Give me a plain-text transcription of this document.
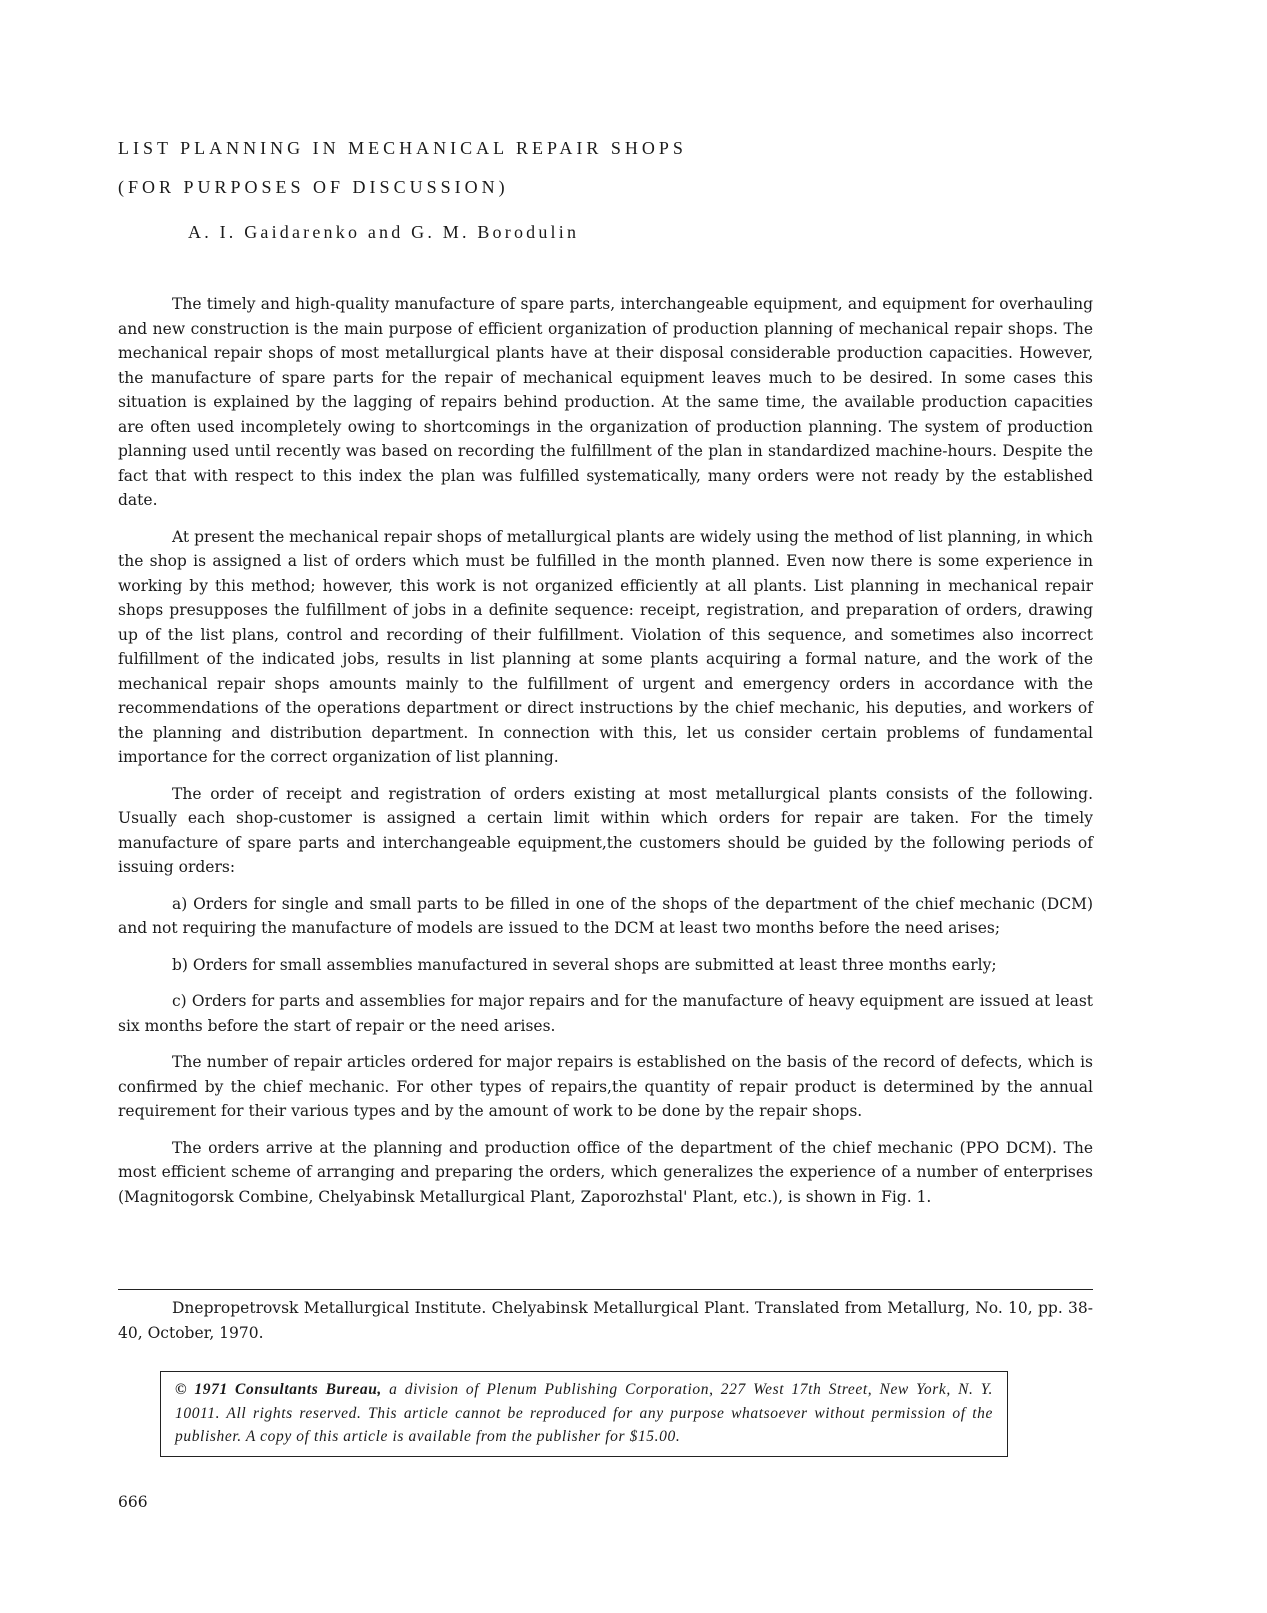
LIST PLANNING IN MECHANICAL REPAIR SHOPS
(FOR PURPOSES OF DISCUSSION)
A. I. Gaidarenko and G. M. Borodulin

The timely and high-quality manufacture of spare parts, interchangeable equipment, and equipment for overhauling and new construction is the main purpose of efficient organization of production planning of mechanical repair shops. The mechanical repair shops of most metallurgical plants have at their disposal considerable production capacities. However, the manufacture of spare parts for the repair of mechanical equipment leaves much to be desired. In some cases this situation is explained by the lagging of repairs behind production. At the same time, the available production capacities are often used incompletely owing to shortcomings in the organization of production planning. The system of production planning used until recently was based on recording the fulfillment of the plan in standardized machine-hours. Despite the fact that with respect to this index the plan was fulfilled systematically, many orders were not ready by the established date.

At present the mechanical repair shops of metallurgical plants are widely using the method of list planning, in which the shop is assigned a list of orders which must be fulfilled in the month planned. Even now there is some experience in working by this method; however, this work is not organized efficiently at all plants. List planning in mechanical repair shops presupposes the fulfillment of jobs in a definite sequence: receipt, registration, and preparation of orders, drawing up of the list plans, control and recording of their fulfillment. Violation of this sequence, and sometimes also incorrect fulfillment of the indicated jobs, results in list planning at some plants acquiring a formal nature, and the work of the mechanical repair shops amounts mainly to the fulfillment of urgent and emergency orders in accordance with the recommendations of the operations department or direct instructions by the chief mechanic, his deputies, and workers of the planning and distribution department. In connection with this, let us consider certain problems of fundamental importance for the correct organization of list planning.

The order of receipt and registration of orders existing at most metallurgical plants consists of the following. Usually each shop-customer is assigned a certain limit within which orders for repair are taken. For the timely manufacture of spare parts and interchangeable equipment,the customers should be guided by the following periods of issuing orders:

a) Orders for single and small parts to be filled in one of the shops of the department of the chief mechanic (DCM) and not requiring the manufacture of models are issued to the DCM at least two months before the need arises;

b) Orders for small assemblies manufactured in several shops are submitted at least three months early;

c) Orders for parts and assemblies for major repairs and for the manufacture of heavy equipment are issued at least six months before the start of repair or the need arises.

The number of repair articles ordered for major repairs is established on the basis of the record of defects, which is confirmed by the chief mechanic. For other types of repairs,the quantity of repair product is determined by the annual requirement for their various types and by the amount of work to be done by the repair shops.

The orders arrive at the planning and production office of the department of the chief mechanic (PPO DCM). The most efficient scheme of arranging and preparing the orders, which generalizes the experience of a number of enterprises (Magnitogorsk Combine, Chelyabinsk Metallurgical Plant, Zaporozhstal' Plant, etc.), is shown in Fig. 1.

Dnepropetrovsk Metallurgical Institute. Chelyabinsk Metallurgical Plant. Translated from Metallurg, No. 10, pp. 38-40, October, 1970.

© 1971 Consultants Bureau, a division of Plenum Publishing Corporation, 227 West 17th Street, New York, N. Y. 10011. All rights reserved. This article cannot be reproduced for any purpose whatsoever without permission of the publisher. A copy of this article is available from the publisher for $15.00.
666
